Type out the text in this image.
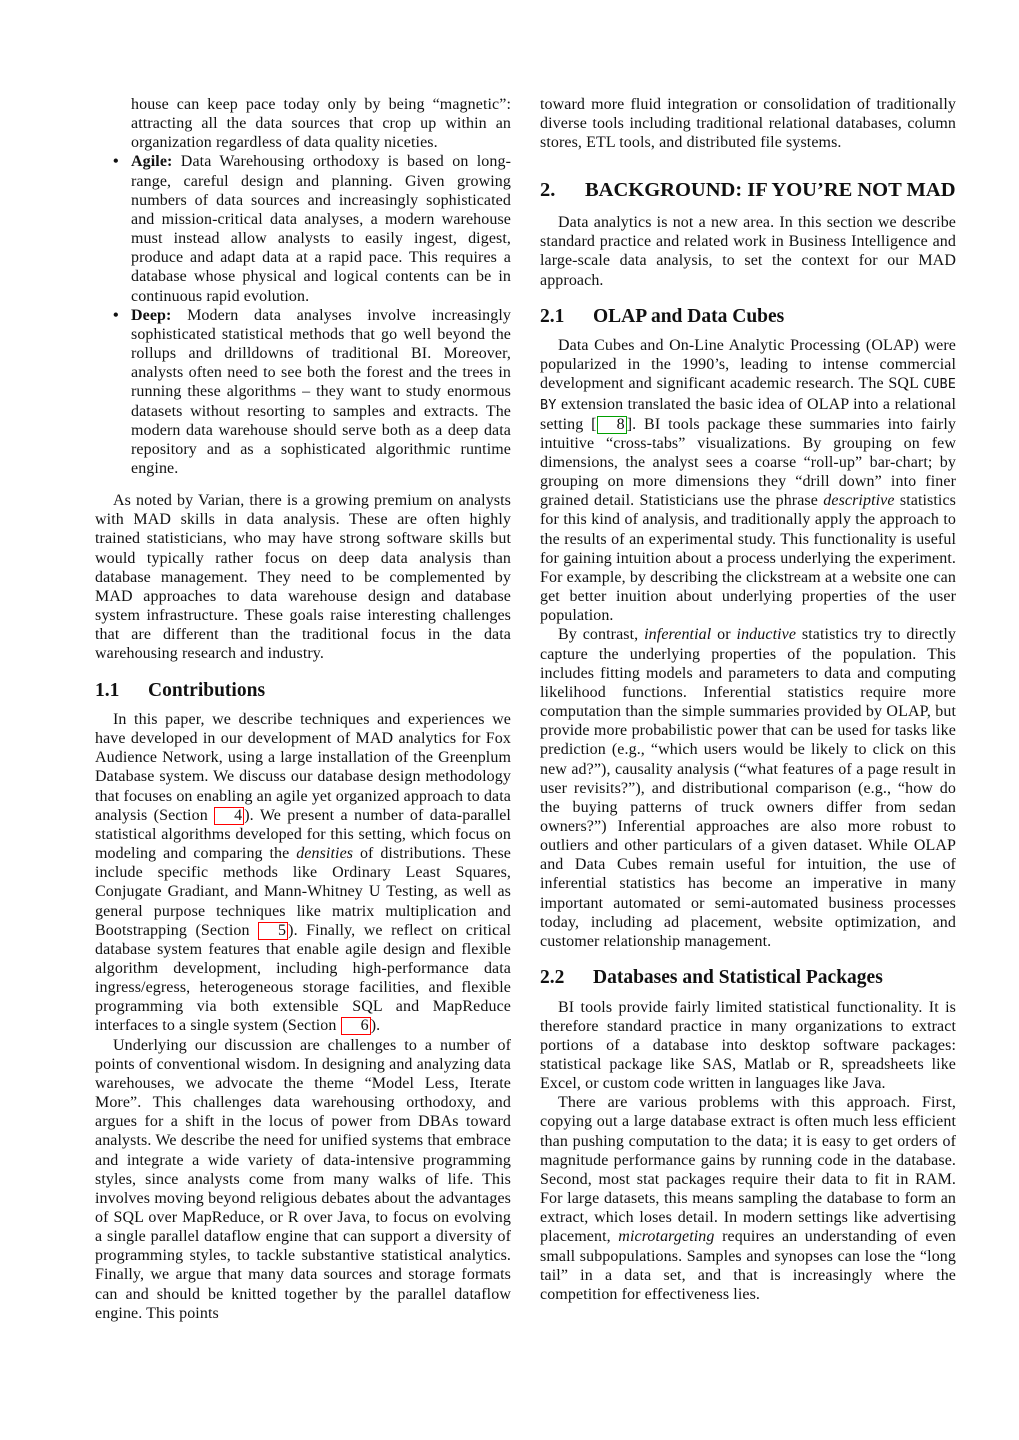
house can keep pace today only by being “magnetic”: attracting all the data sources that crop up within an organization regardless of data quality niceties.

• Agile: Data Warehousing orthodoxy is based on long-range, careful design and planning. Given growing numbers of data sources and increasingly sophisticated and mission-critical data analyses, a modern warehouse must instead allow analysts to easily ingest, digest, produce and adapt data at a rapid pace. This requires a database whose physical and logical contents can be in continuous rapid evolution.

• Deep: Modern data analyses involve increasingly sophisticated statistical methods that go well beyond the rollups and drilldowns of traditional BI. Moreover, analysts often need to see both the forest and the trees in running these algorithms – they want to study enormous datasets without resorting to samples and extracts. The modern data warehouse should serve both as a deep data repository and as a sophisticated algorithmic runtime engine.

As noted by Varian, there is a growing premium on analysts with MAD skills in data analysis. These are often highly trained statisticians, who may have strong software skills but would typically rather focus on deep data analysis than database management. They need to be complemented by MAD approaches to data warehouse design and database system infrastructure. These goals raise interesting challenges that are different than the traditional focus in the data warehousing research and industry.

1.1 Contributions

In this paper, we describe techniques and experiences we have developed in our development of MAD analytics for Fox Audience Network, using a large installation of the Greenplum Database system. We discuss our database design methodology that focuses on enabling an agile yet organized approach to data analysis (Section 4 ). We present a number of data-parallel statistical algorithms developed for this setting, which focus on modeling and comparing the densities of distributions. These include specific methods like Ordinary Least Squares, Conjugate Gradiant, and Mann-Whitney U Testing, as well as general purpose techniques like matrix multiplication and Bootstrapping (Section 5 ). Finally, we reflect on critical database system features that enable agile design and flexible algorithm development, including high-performance data ingress/egress, heterogeneous storage facilities, and flexible programming via both extensible SQL and MapReduce interfaces to a single system (Section 6 ).

Underlying our discussion are challenges to a number of points of conventional wisdom. In designing and analyzing data warehouses, we advocate the theme “Model Less, Iterate More”. This challenges data warehousing orthodoxy, and argues for a shift in the locus of power from DBAs toward analysts. We describe the need for unified systems that embrace and integrate a wide variety of data-intensive programming styles, since analysts come from many walks of life. This involves moving beyond religious debates about the advantages of SQL over MapReduce, or R over Java, to focus on evolving a single parallel dataflow engine that can support a diversity of programming styles, to tackle substantive statistical analytics. Finally, we argue that many data sources and storage formats can and should be knitted together by the parallel dataflow engine. This points

toward more fluid integration or consolidation of traditionally diverse tools including traditional relational databases, column stores, ETL tools, and distributed file systems.

2. BACKGROUND: IF YOU’RE NOT MAD

Data analytics is not a new area. In this section we describe standard practice and related work in Business Intelligence and large-scale data analysis, to set the context for our MAD approach.

2.1 OLAP and Data Cubes

Data Cubes and On-Line Analytic Processing (OLAP) were popularized in the 1990’s, leading to intense commercial development and significant academic research. The SQL CUBE BY extension translated the basic idea of OLAP into a relational setting [ 8 ]. BI tools package these summaries into fairly intuitive “cross-tabs” visualizations. By grouping on few dimensions, the analyst sees a coarse “roll-up” bar-chart; by grouping on more dimensions they “drill down” into finer grained detail. Statisticians use the phrase descriptive statistics for this kind of analysis, and traditionally apply the approach to the results of an experimental study. This functionality is useful for gaining intuition about a process underlying the experiment. For example, by describing the clickstream at a website one can get better inuition about underlying properties of the user population.

By contrast, inferential or inductive statistics try to directly capture the underlying properties of the population. This includes fitting models and parameters to data and computing likelihood functions. Inferential statistics require more computation than the simple summaries provided by OLAP, but provide more probabilistic power that can be used for tasks like prediction (e.g., “which users would be likely to click on this new ad?”), causality analysis (“what features of a page result in user revisits?”), and distributional comparison (e.g., “how do the buying patterns of truck owners differ from sedan owners?”) Inferential approaches are also more robust to outliers and other particulars of a given dataset. While OLAP and Data Cubes remain useful for intuition, the use of inferential statistics has become an imperative in many important automated or semi-automated business processes today, including ad placement, website optimization, and customer relationship management.

2.2 Databases and Statistical Packages

BI tools provide fairly limited statistical functionality. It is therefore standard practice in many organizations to extract portions of a database into desktop software packages: statistical package like SAS, Matlab or R, spreadsheets like Excel, or custom code written in languages like Java.

There are various problems with this approach. First, copying out a large database extract is often much less efficient than pushing computation to the data; it is easy to get orders of magnitude performance gains by running code in the database. Second, most stat packages require their data to fit in RAM. For large datasets, this means sampling the database to form an extract, which loses detail. In modern settings like advertising placement, microtargeting requires an understanding of even small subpopulations. Samples and synopses can lose the “long tail” in a data set, and that is increasingly where the competition for effectiveness lies.
